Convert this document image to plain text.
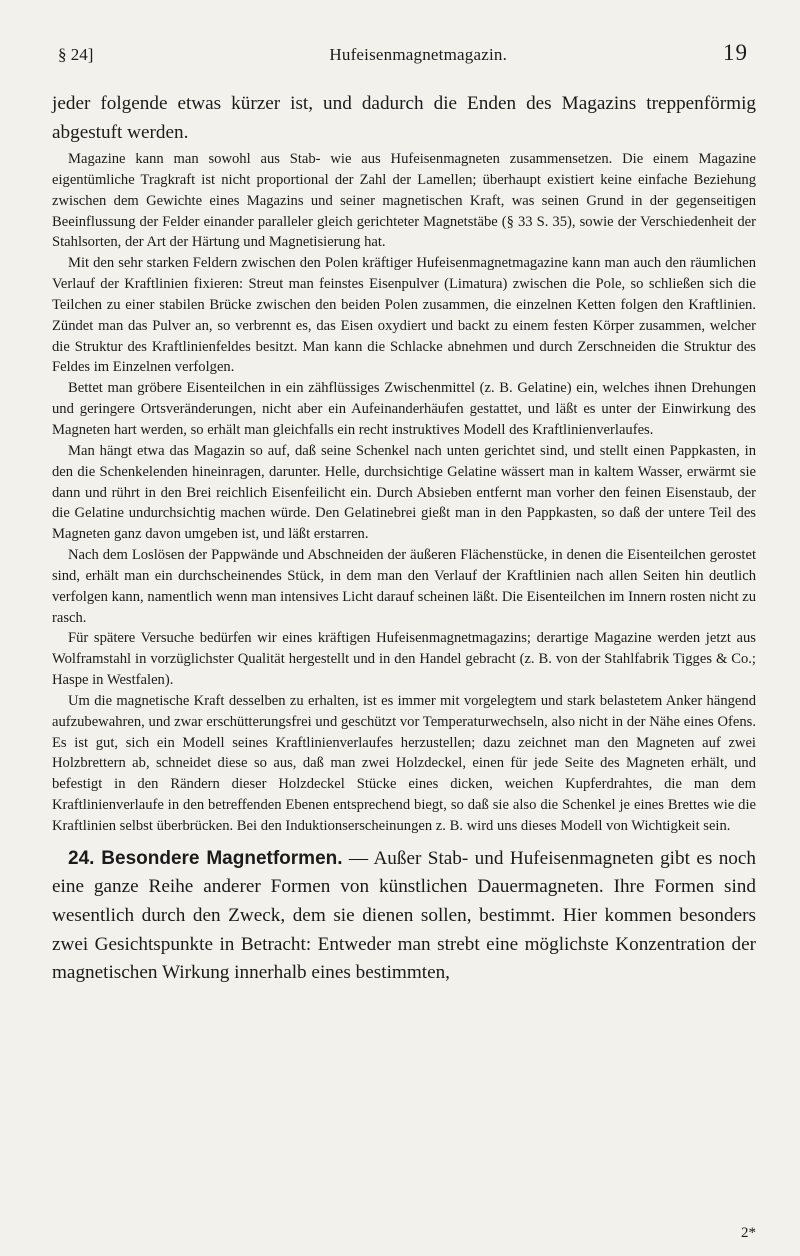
§ 24]	Hufeisenmagnetmagazin.	19
jeder folgende etwas kürzer ist, und dadurch die Enden des Magazins treppenförmig abgestuft werden.

Magazine kann man sowohl aus Stab- wie aus Hufeisenmagneten zusammensetzen. Die einem Magazine eigentümliche Tragkraft ist nicht proportional der Zahl der Lamellen; überhaupt existiert keine einfache Beziehung zwischen dem Gewichte eines Magazins und seiner magnetischen Kraft, was seinen Grund in der gegenseitigen Beeinflussung der Felder einander paralleler gleich gerichteter Magnetstäbe (§ 33 S. 35), sowie der Verschiedenheit der Stahlsorten, der Art der Härtung und Magnetisierung hat.

Mit den sehr starken Feldern zwischen den Polen kräftiger Hufeisenmagnetmagazine kann man auch den räumlichen Verlauf der Kraftlinien fixieren: Streut man feinstes Eisenpulver (Limatura) zwischen die Pole, so schließen sich die Teilchen zu einer stabilen Brücke zwischen den beiden Polen zusammen, die einzelnen Ketten folgen den Kraftlinien. Zündet man das Pulver an, so verbrennt es, das Eisen oxydiert und backt zu einem festen Körper zusammen, welcher die Struktur des Kraftlinienfeldes besitzt. Man kann die Schlacke abnehmen und durch Zerschneiden die Struktur des Feldes im Einzelnen verfolgen.

Bettet man gröbere Eisenteilchen in ein zähflüssiges Zwischenmittel (z. B. Gelatine) ein, welches ihnen Drehungen und geringere Ortsveränderungen, nicht aber ein Aufeinanderhäufen gestattet, und läßt es unter der Einwirkung des Magneten hart werden, so erhält man gleichfalls ein recht instruktives Modell des Kraftlinienverlaufes.

Man hängt etwa das Magazin so auf, daß seine Schenkel nach unten gerichtet sind, und stellt einen Pappkasten, in den die Schenkelenden hineinragen, darunter. Helle, durchsichtige Gelatine wässert man in kaltem Wasser, erwärmt sie dann und rührt in den Brei reichlich Eisenfeilicht ein. Durch Absieben entfernt man vorher den feinen Eisenstaub, der die Gelatine undurchsichtig machen würde. Den Gelatinebrei gießt man in den Pappkasten, so daß der untere Teil des Magneten ganz davon umgeben ist, und läßt erstarren.

Nach dem Loslösen der Pappwände und Abschneiden der äußeren Flächenstücke, in denen die Eisenteilchen gerostet sind, erhält man ein durchscheinendes Stück, in dem man den Verlauf der Kraftlinien nach allen Seiten hin deutlich verfolgen kann, namentlich wenn man intensives Licht darauf scheinen läßt. Die Eisenteilchen im Innern rosten nicht zu rasch.

Für spätere Versuche bedürfen wir eines kräftigen Hufeisenmagnetmagazins; derartige Magazine werden jetzt aus Wolframstahl in vorzüglichster Qualität hergestellt und in den Handel gebracht (z. B. von der Stahlfabrik Tigges & Co.; Haspe in Westfalen).

Um die magnetische Kraft desselben zu erhalten, ist es immer mit vorgelegtem und stark belastetem Anker hängend aufzubewahren, und zwar erschütterungsfrei und geschützt vor Temperaturwechseln, also nicht in der Nähe eines Ofens. Es ist gut, sich ein Modell seines Kraftlinienverlaufes herzustellen; dazu zeichnet man den Magneten auf zwei Holzbrettern ab, schneidet diese so aus, daß man zwei Holzdeckel, einen für jede Seite des Magneten erhält, und befestigt in den Rändern dieser Holzdeckel Stücke eines dicken, weichen Kupferdrahtes, die man dem Kraftlinienverlaufe in den betreffenden Ebenen entsprechend biegt, so daß sie also die Schenkel je eines Brettes wie die Kraftlinien selbst überbrücken. Bei den Induktionserscheinungen z. B. wird uns dieses Modell von Wichtigkeit sein.

24. Besondere Magnetformen. — Außer Stab- und Hufeisenmagneten gibt es noch eine ganze Reihe anderer Formen von künstlichen Dauermagneten. Ihre Formen sind wesentlich durch den Zweck, dem sie dienen sollen, bestimmt. Hier kommen besonders zwei Gesichtspunkte in Betracht: Entweder man strebt eine möglichste Konzentration der magnetischen Wirkung innerhalb eines bestimmten,

2*
